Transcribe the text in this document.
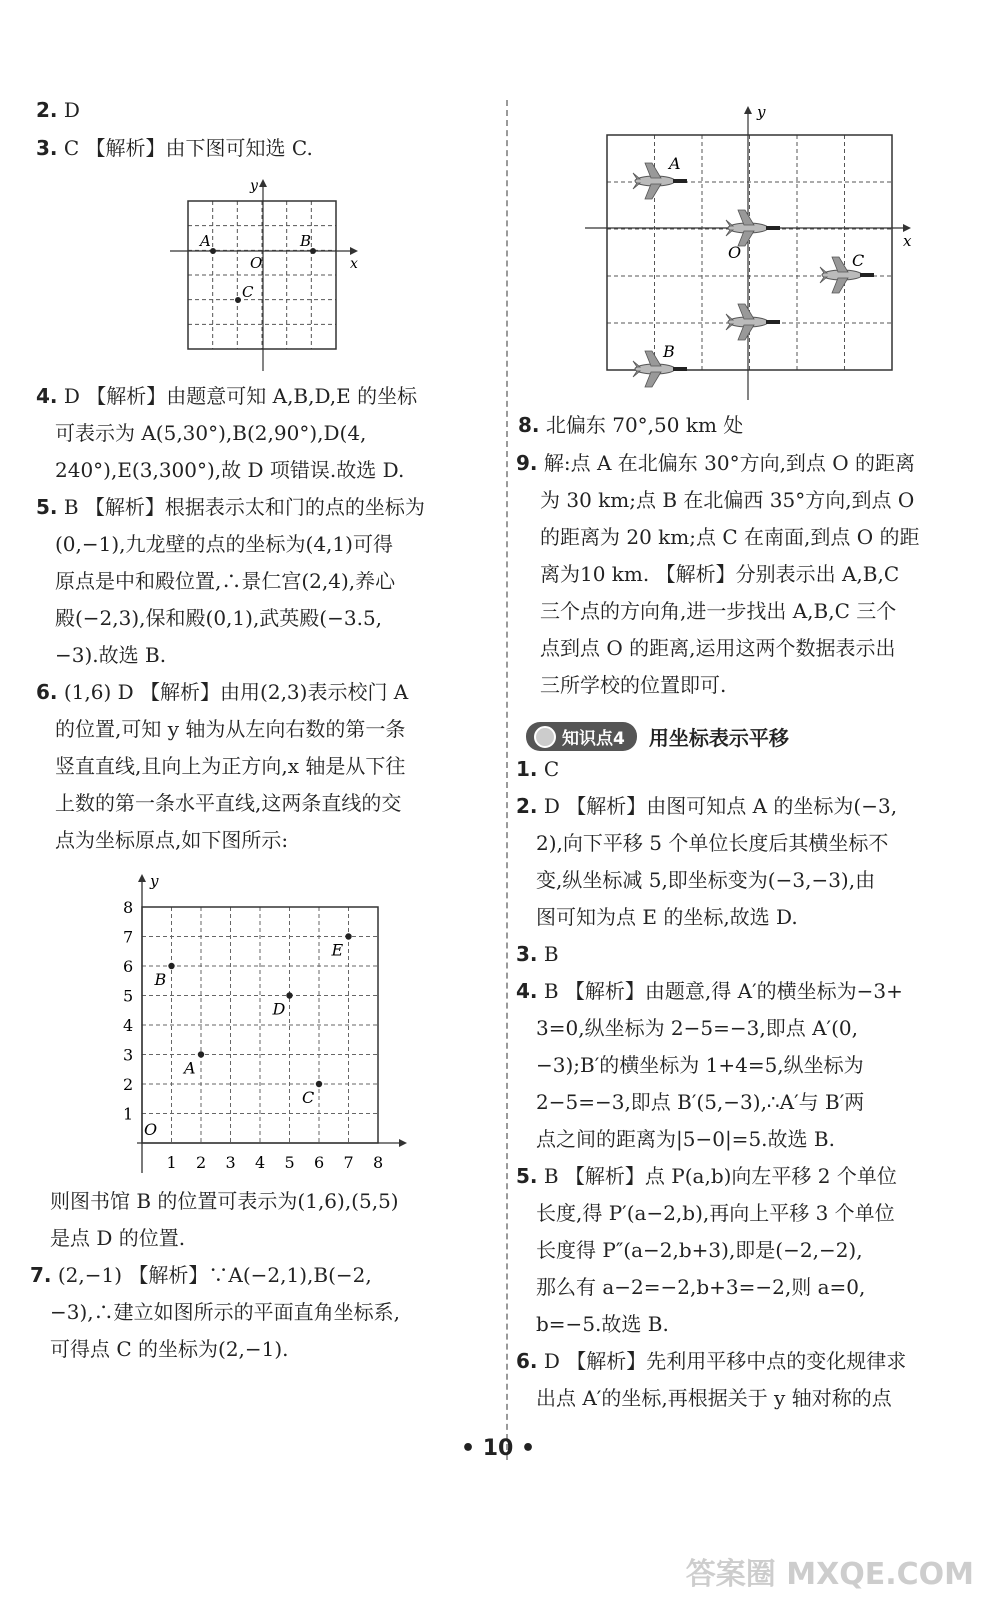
2. D
3. C 【解析】由下图可知选 C.
A	B
C
O	x
y
4. D 【解析】由题意可知 A,B,D,E 的坐标
可表示为 A(5,30°),B(2,90°),D(4,
240°),E(3,300°),故 D 项错误.故选 D.
5. B 【解析】根据表示太和门的点的坐标为
(0,−1),九龙壁的点的坐标为(4,1)可得
原点是中和殿位置,∴景仁宫(2,4),养心
殿(−2,3),保和殿(0,1),武英殿(−3.5,
−3).故选 B.
6. (1,6) D 【解析】由用(2,3)表示校门 A
的位置,可知 y 轴为从左向右数的第一条
竖直直线,且向上为正方向,x 轴是从下往
上数的第一条水平直线,这两条直线的交
点为坐标原点,如下图所示:
1 2 3 4 5 6 7 8
1
2
3
4
5
6
7
8
O
y
A
B
C
D
E
则图书馆 B 的位置可表示为(1,6),(5,5)
是点 D 的位置.
7. (2,−1) 【解析】∵A(−2,1),B(−2,
−3),∴建立如图所示的平面直角坐标系,
可得点 C 的坐标为(2,−1).
A
B
C
O
x
y
8. 北偏东 70°,50 km 处
9. 解:点 A 在北偏东 30°方向,到点 O 的距离
为 30 km;点 B 在北偏西 35°方向,到点 O
的距离为 20 km;点 C 在南面,到点 O 的距
离为10 km. 【解析】分别表示出 A,B,C
三个点的方向角,进一步找出 A,B,C 三个
点到点 O 的距离,运用这两个数据表示出
三所学校的位置即可.
知识点4 用坐标表示平移
1. C
2. D 【解析】由图可知点 A 的坐标为(−3,
2),向下平移 5 个单位长度后其横坐标不
变,纵坐标减 5,即坐标变为(−3,−3),由
图可知为点 E 的坐标,故选 D.
3. B
4. B 【解析】由题意,得 A′的横坐标为−3+
3=0,纵坐标为 2−5=−3,即点 A′(0,
−3);B′的横坐标为 1+4=5,纵坐标为
2−5=−3,即点 B′(5,−3),∴A′与 B′两
点之间的距离为|5−0|=5.故选 B.
5. B 【解析】点 P(a,b)向左平移 2 个单位
长度,得 P′(a−2,b),再向上平移 3 个单位
长度得 P″(a−2,b+3),即是(−2,−2),
那么有 a−2=−2,b+3=−2,则 a=0,
b=−5.故选 B.
6. D 【解析】先利用平移中点的变化规律求
出点 A′的坐标,再根据关于 y 轴对称的点
• 10 •
答案圈 MXQE.COM
